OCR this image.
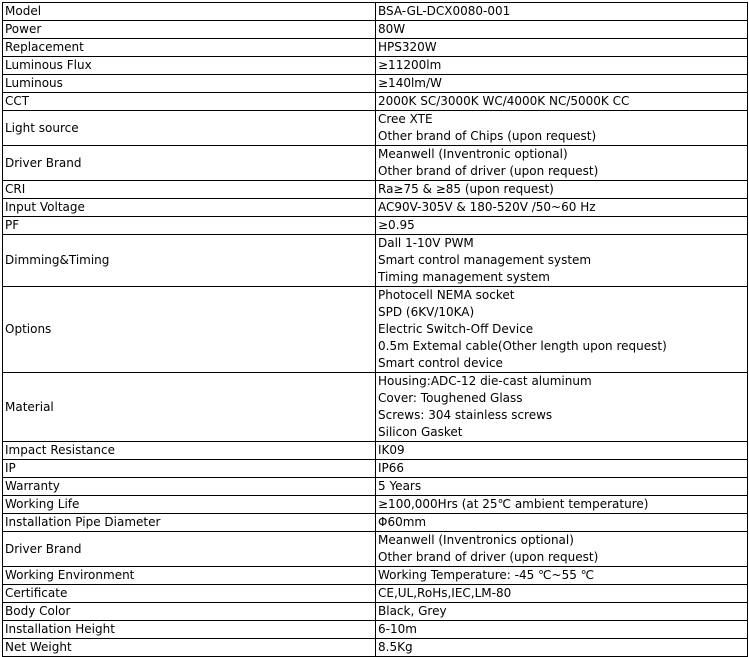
Model	BSA-GL-DCX0080-001

Power	80W

Replacement	HPS320W

Luminous Flux	≥11200lm

Luminous	≥140lm/W

CCT	2000K SC/3000K WC/4000K NC/5000K CC

Light source	Cree XTE
Other brand of Chips (upon request)

Driver Brand	Meanwell (Inventronic optional)
Other brand of driver (upon request)

CRI	Ra≥75 & ≥85 (upon request)

Input Voltage	AC90V-305V & 180-520V /50~60 Hz

PF	≥0.95

Dimming&Timing	Dall 1-10V PWM
Smart control management system
Timing management system

Options	Photocell NEMA socket
SPD (6KV/10KA)
Electric Switch-Off Device
0.5m Extemal cable(Other length upon request)
Smart control device

Material	Housing:ADC-12 die-cast aluminum
Cover: Toughened Glass
Screws: 304 stainless screws
Silicon Gasket

Impact Resistance	IK09

IP	IP66

Warranty	5 Years

Working Life	≥100,000Hrs (at 25℃ ambient temperature)

Installation Pipe Diameter	Φ60mm

Driver Brand	Meanwell (Inventronics optional)
Other brand of driver (upon request)

Working Environment	Working Temperature: -45 ℃~55 ℃

Certificate	CE,UL,RoHs,IEC,LM-80

Body Color	Black, Grey

Installation Height	6-10m

Net Weight	8.5Kg
